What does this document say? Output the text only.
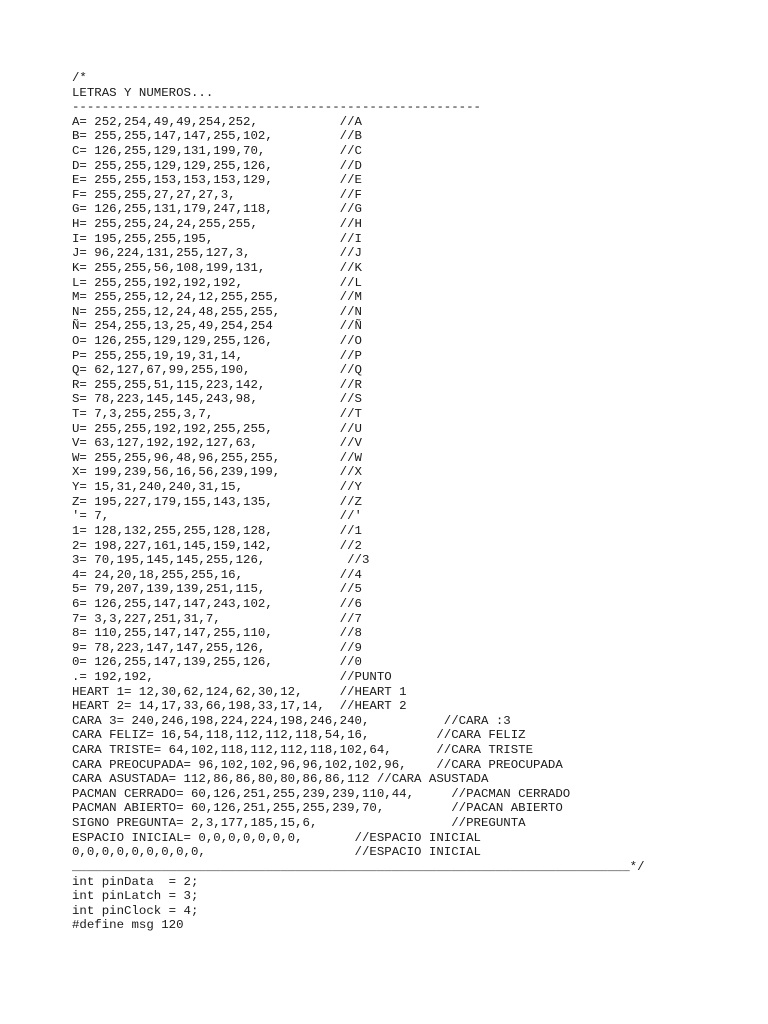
/*
LETRAS Y NUMEROS...
-------------------------------------------------------
A= 252,254,49,49,254,252,           //A
B= 255,255,147,147,255,102,         //B
C= 126,255,129,131,199,70,          //C
D= 255,255,129,129,255,126,         //D
E= 255,255,153,153,153,129,         //E
F= 255,255,27,27,27,3,              //F
G= 126,255,131,179,247,118,         //G
H= 255,255,24,24,255,255,           //H
I= 195,255,255,195,                 //I
J= 96,224,131,255,127,3,            //J
K= 255,255,56,108,199,131,          //K
L= 255,255,192,192,192,             //L
M= 255,255,12,24,12,255,255,        //M
N= 255,255,12,24,48,255,255,        //N
Ñ= 254,255,13,25,49,254,254         //Ñ
O= 126,255,129,129,255,126,         //O
P= 255,255,19,19,31,14,             //P
Q= 62,127,67,99,255,190,            //Q
R= 255,255,51,115,223,142,          //R
S= 78,223,145,145,243,98,           //S
T= 7,3,255,255,3,7,                 //T
U= 255,255,192,192,255,255,         //U
V= 63,127,192,192,127,63,           //V
W= 255,255,96,48,96,255,255,        //W
X= 199,239,56,16,56,239,199,        //X
Y= 15,31,240,240,31,15,             //Y
Z= 195,227,179,155,143,135,         //Z
'= 7,                               //'
1= 128,132,255,255,128,128,         //1
2= 198,227,161,145,159,142,         //2
3= 70,195,145,145,255,126,           //3
4= 24,20,18,255,255,16,             //4
5= 79,207,139,139,251,115,          //5
6= 126,255,147,147,243,102,         //6
7= 3,3,227,251,31,7,                //7
8= 110,255,147,147,255,110,         //8
9= 78,223,147,147,255,126,          //9
0= 126,255,147,139,255,126,         //0
.= 192,192,                         //PUNTO
HEART 1= 12,30,62,124,62,30,12,     //HEART 1
HEART 2= 14,17,33,66,198,33,17,14,  //HEART 2
CARA 3= 240,246,198,224,224,198,246,240,          //CARA :3
CARA FELIZ= 16,54,118,112,112,118,54,16,         //CARA FELIZ
CARA TRISTE= 64,102,118,112,112,118,102,64,      //CARA TRISTE
CARA PREOCUPADA= 96,102,102,96,96,102,102,96,    //CARA PREOCUPADA
CARA ASUSTADA= 112,86,86,80,80,86,86,112 //CARA ASUSTADA
PACMAN CERRADO= 60,126,251,255,239,239,110,44,     //PACMAN CERRADO
PACMAN ABIERTO= 60,126,251,255,255,239,70,         //PACAN ABIERTO
SIGNO PREGUNTA= 2,3,177,185,15,6,                  //PREGUNTA
ESPACIO INICIAL= 0,0,0,0,0,0,0,       //ESPACIO INICIAL
0,0,0,0,0,0,0,0,0,                    //ESPACIO INICIAL
___________________________________________________________________________*/
int pinData  = 2;
int pinLatch = 3;
int pinClock = 4;
#define msg 120
